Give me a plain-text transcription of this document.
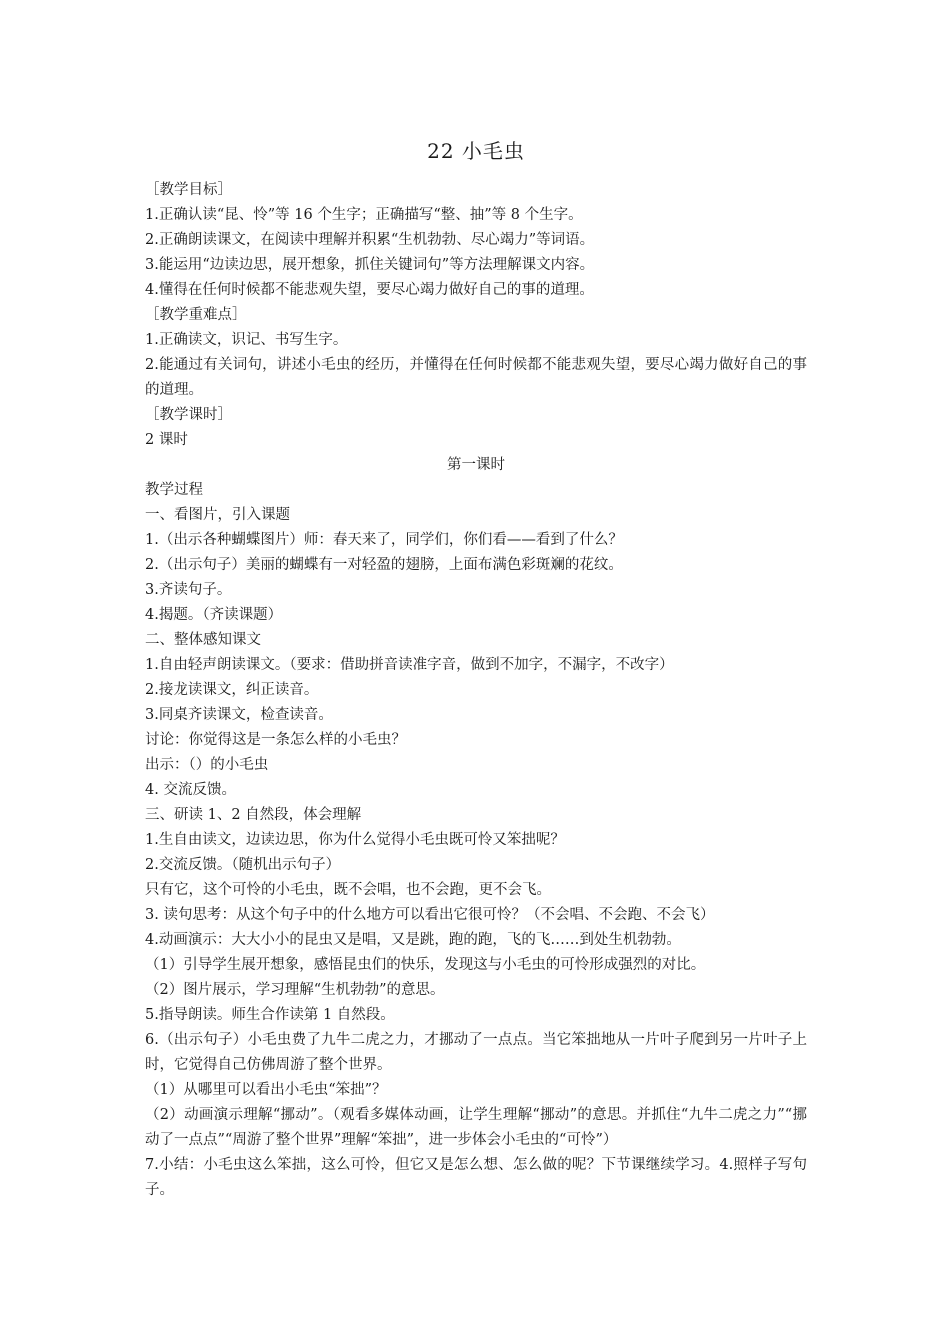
22 小毛虫

［教学目标］

1.正确认读“昆、怜”等 16 个生字；正确描写“整、抽”等 8 个生字。

2.正确朗读课文，在阅读中理解并积累“生机勃勃、尽心竭力”等词语。

3.能运用“边读边思，展开想象，抓住关键词句”等方法理解课文内容。

4.懂得在任何时候都不能悲观失望，要尽心竭力做好自己的事的道理。

［教学重难点］

1.正确读文，识记、书写生字。

2.能通过有关词句，讲述小毛虫的经历，并懂得在任何时候都不能悲观失望，要尽心竭力做好自己的事的道理。

［教学课时］

2 课时

第一课时

教学过程

一、看图片，引入课题

1.（出示各种蝴蝶图片）师：春天来了，同学们，你们看——看到了什么？

2.（出示句子）美丽的蝴蝶有一对轻盈的翅膀，上面布满色彩斑斓的花纹。

3.齐读句子。

4.揭题。（齐读课题）

二、整体感知课文

1.自由轻声朗读课文。（要求：借助拼音读准字音，做到不加字，不漏字，不改字）

2.接龙读课文，纠正读音。

3.同桌齐读课文，检查读音。

讨论：你觉得这是一条怎么样的小毛虫？

出示：（）的小毛虫

4. 交流反馈。

三、研读 1、2 自然段，体会理解

1.生自由读文，边读边思，你为什么觉得小毛虫既可怜又笨拙呢？

2.交流反馈。（随机出示句子）

只有它，这个可怜的小毛虫，既不会唱，也不会跑，更不会飞。

3. 读句思考：从这个句子中的什么地方可以看出它很可怜？（不会唱、不会跑、不会飞）

4.动画演示：大大小小的昆虫又是唱，又是跳，跑的跑，飞的飞……到处生机勃勃。

（1）引导学生展开想象，感悟昆虫们的快乐，发现这与小毛虫的可怜形成强烈的对比。

（2）图片展示，学习理解“生机勃勃”的意思。

5.指导朗读。师生合作读第 1 自然段。

6.（出示句子）小毛虫费了九牛二虎之力，才挪动了一点点。当它笨拙地从一片叶子爬到另一片叶子上时，它觉得自己仿佛周游了整个世界。

（1）从哪里可以看出小毛虫“笨拙”？

（2）动画演示理解“挪动”。（观看多媒体动画，让学生理解“挪动”的意思。并抓住“九牛二虎之力”“挪动了一点点”“周游了整个世界”理解“笨拙”，进一步体会小毛虫的“可怜”）

7.小结：小毛虫这么笨拙，这么可怜，但它又是怎么想、怎么做的呢？下节课继续学习。4.照样子写句子。
